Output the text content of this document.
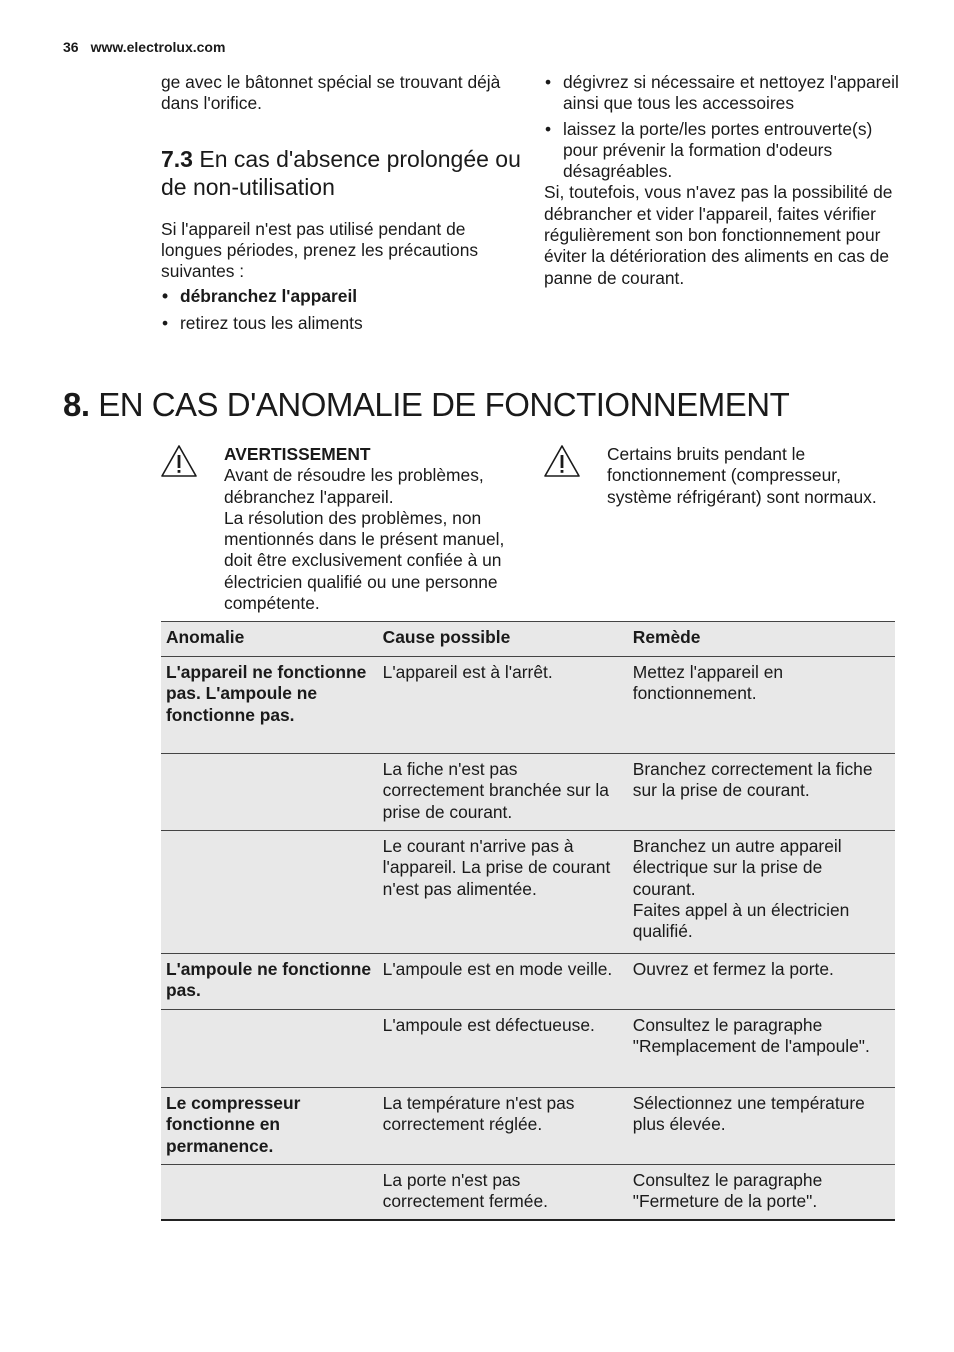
36 www.electrolux.com

ge avec le bâtonnet spécial se trouvant déjà dans l'orifice.

7.3 En cas d'absence prolongée ou de non-utilisation

Si l'appareil n'est pas utilisé pendant de longues périodes, prenez les précautions suivantes :

• débranchez l'appareil
• retirez tous les aliments
• dégivrez si nécessaire et nettoyez l'appareil ainsi que tous les accessoires
• laissez la porte/les portes entrouverte(s) pour prévenir la formation d'odeurs désagréables.

Si, toutefois, vous n'avez pas la possibilité de débrancher et vider l'appareil, faites vérifier régulièrement son bon fonctionnement pour éviter la détérioration des aliments en cas de panne de courant.

8. EN CAS D'ANOMALIE DE FONCTIONNEMENT
AVERTISSEMENT
Avant de résoudre les problèmes, débranchez l'appareil.
La résolution des problèmes, non mentionnés dans le présent manuel, doit être exclusivement confiée à un électricien qualifié ou une personne compétente.
Certains bruits pendant le fonctionnement (compresseur, système réfrigérant) sont normaux.
Anomalie	Cause possible	Remède
L'appareil ne fonctionne pas. L'ampoule ne fonctionne pas.	L'appareil est à l'arrêt.	Mettez l'appareil en fonctionnement.
	La fiche n'est pas correctement branchée sur la prise de courant.	Branchez correctement la fiche sur la prise de courant.
	Le courant n'arrive pas à l'appareil. La prise de courant n'est pas alimentée.	Branchez un autre appareil électrique sur la prise de courant.
Faites appel à un électricien qualifié.

L'ampoule ne fonctionne pas.	L'ampoule est en mode veille.	Ouvrez et fermez la porte.
	L'ampoule est défectueuse.	Consultez le paragraphe "Remplacement de l'ampoule".
Le compresseur fonctionne en permanence.	La température n'est pas correctement réglée.	Sélectionnez une température plus élevée.
	La porte n'est pas correctement fermée.	Consultez le paragraphe "Fermeture de la porte".
